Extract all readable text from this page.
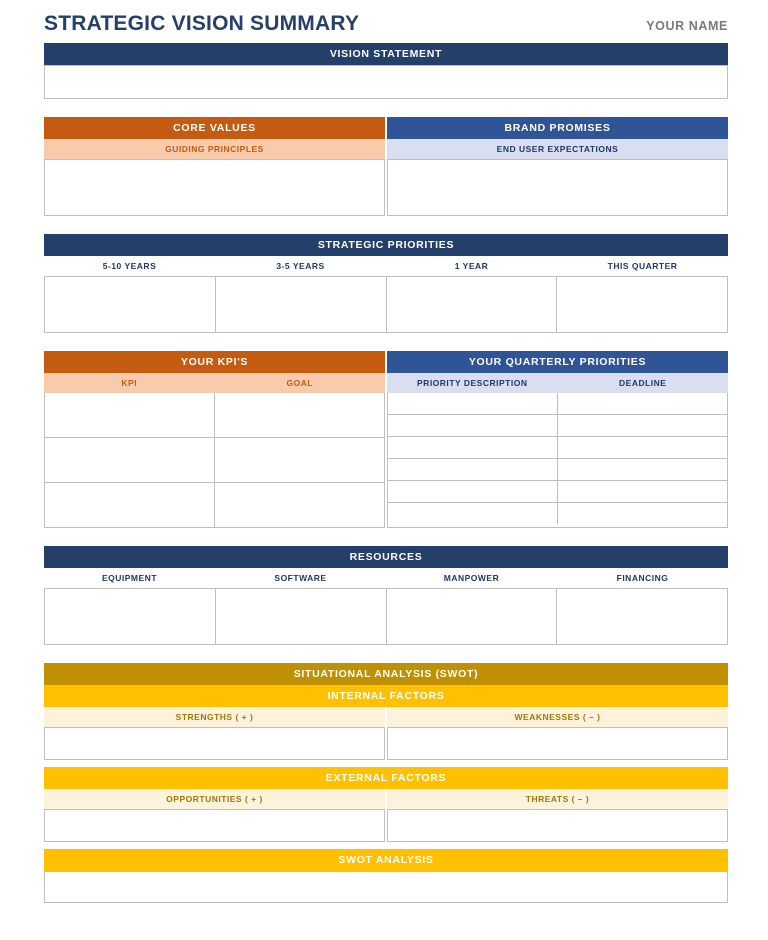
STRATEGIC VISION SUMMARY	YOUR NAME
VISION STATEMENT
CORE VALUES	BRAND PROMISES
GUIDING PRINCIPLES	END USER EXPECTATIONS
STRATEGIC PRIORITIES
5-10 YEARS	3-5 YEARS	1 YEAR	THIS QUARTER
YOUR KPI'S	YOUR QUARTERLY PRIORITIES
KPI	GOAL	PRIORITY DESCRIPTION	DEADLINE
RESOURCES
EQUIPMENT	SOFTWARE	MANPOWER	FINANCING
SITUATIONAL ANALYSIS (SWOT)
INTERNAL FACTORS
STRENGTHS ( + )	WEAKNESSES ( – )
EXTERNAL FACTORS
OPPORTUNITIES ( + )	THREATS ( – )
SWOT ANALYSIS
